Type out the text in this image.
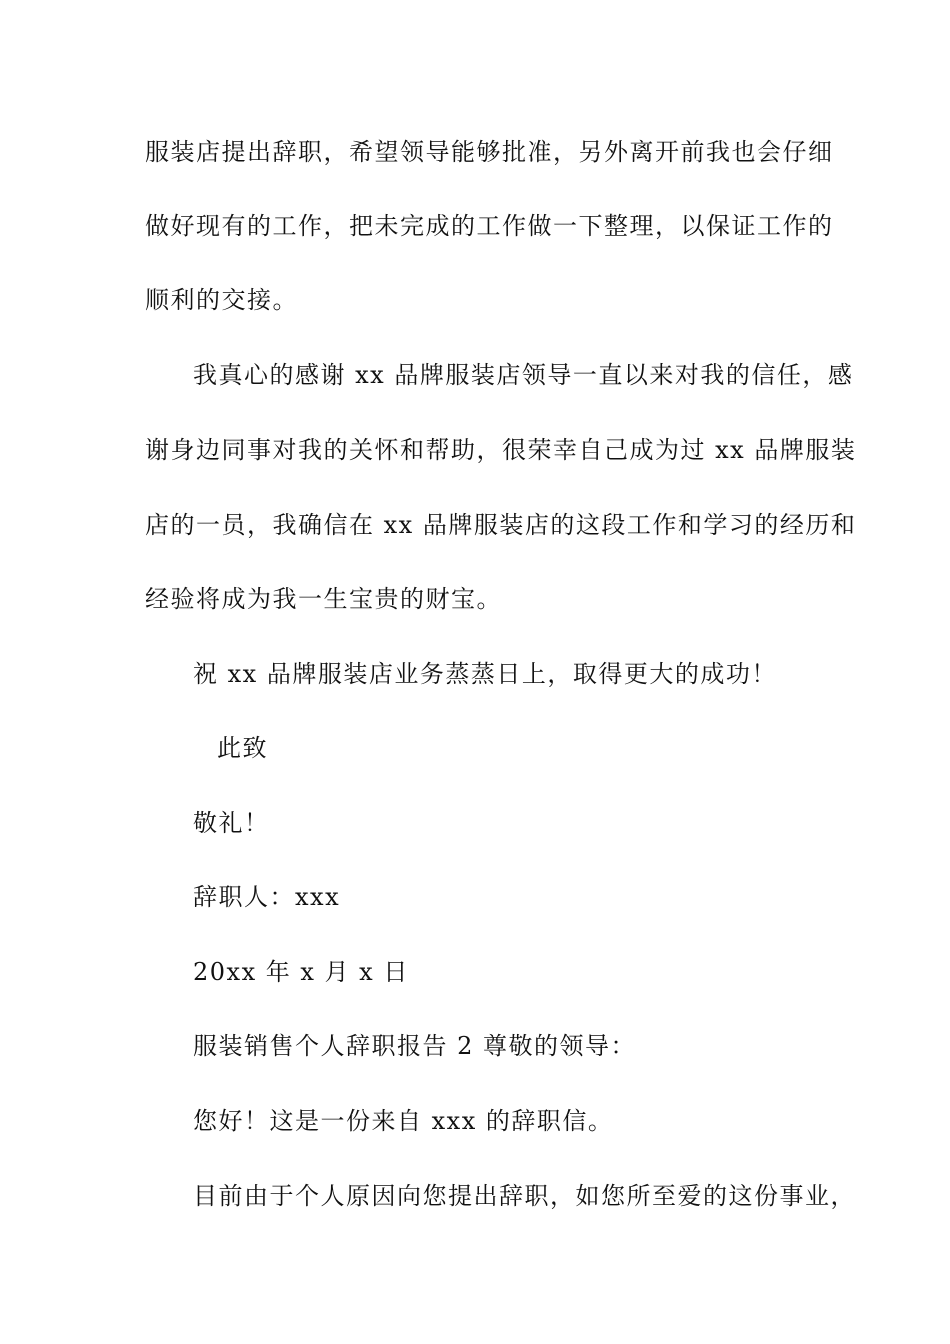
服装店提出辞职，希望领导能够批准，另外离开前我也会仔细
做好现有的工作，把未完成的工作做一下整理，以保证工作的
顺利的交接。
我真心的感谢 xx 品牌服装店领导一直以来对我的信任，感
谢身边同事对我的关怀和帮助，很荣幸自己成为过 xx 品牌服装
店的一员，我确信在 xx 品牌服装店的这段工作和学习的经历和
经验将成为我一生宝贵的财宝。
祝 xx 品牌服装店业务蒸蒸日上，取得更大的成功！
此致
敬礼！
辞职人：xxx
20xx 年 x 月 x 日
服装销售个人辞职报告 2 尊敬的领导：
您好！这是一份来自 xxx 的辞职信。
目前由于个人原因向您提出辞职，如您所至爱的这份事业，
